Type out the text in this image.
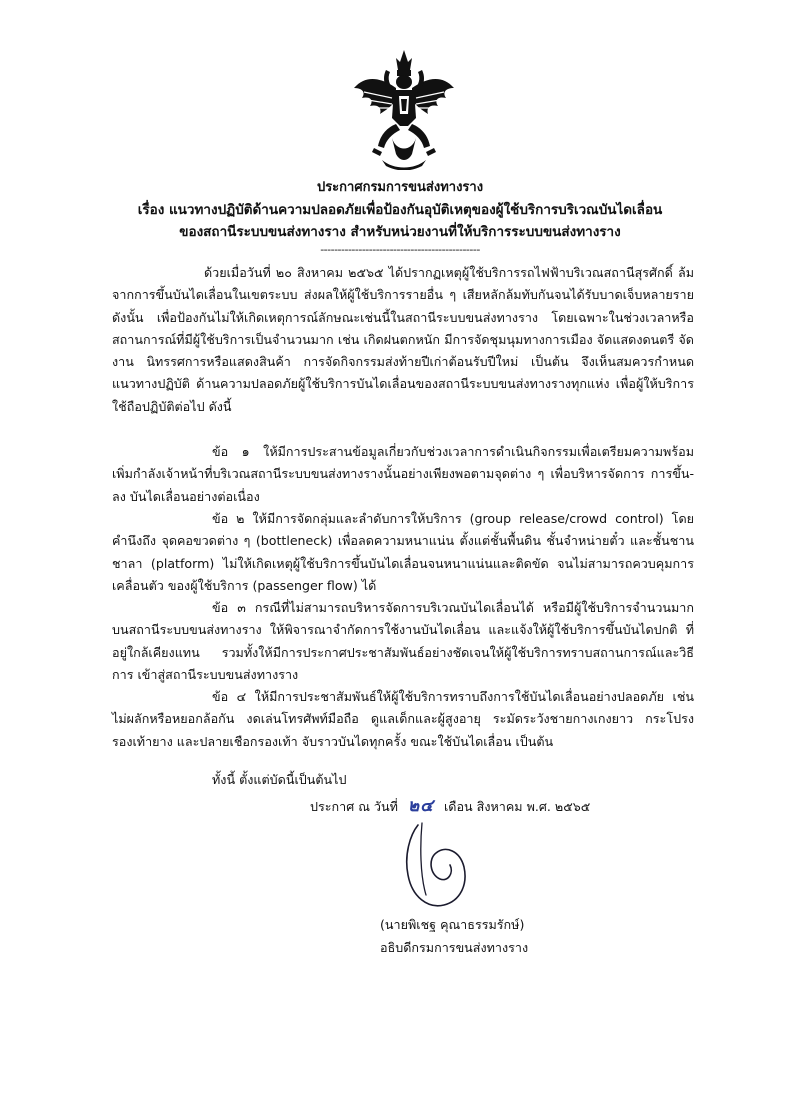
ประกาศกรมการขนส่งทางราง
เรื่อง แนวทางปฏิบัติด้านความปลอดภัยเพื่อป้องกันอุบัติเหตุของผู้ใช้บริการบริเวณบันไดเลื่อน
ของสถานีระบบขนส่งทางราง สำหรับหน่วยงานที่ให้บริการระบบขนส่งทางราง
----------------------------------------------

ด้วยเมื่อวันที่ ๒๐ สิงหาคม ๒๕๖๕ ได้ปรากฏเหตุผู้ใช้บริการรถไฟฟ้าบริเวณสถานีสุรศักดิ์ ล้มจากการขึ้นบันไดเลื่อนในเขตระบบ ส่งผลให้ผู้ใช้บริการรายอื่น ๆ เสียหลักล้มทับกันจนได้รับบาดเจ็บหลายราย ดังนั้น เพื่อป้องกันไม่ให้เกิดเหตุการณ์ลักษณะเช่นนี้ในสถานีระบบขนส่งทางราง โดยเฉพาะในช่วงเวลาหรือ สถานการณ์ที่มีผู้ใช้บริการเป็นจำนวนมาก เช่น เกิดฝนตกหนัก มีการจัดชุมนุมทางการเมือง จัดแสดงดนตรี จัดงาน นิทรรศการหรือแสดงสินค้า การจัดกิจกรรมส่งท้ายปีเก่าต้อนรับปีใหม่ เป็นต้น จึงเห็นสมควรกำหนดแนวทางปฏิบัติ ด้านความปลอดภัยผู้ใช้บริการบันไดเลื่อนของสถานีระบบขนส่งทางรางทุกแห่ง เพื่อผู้ให้บริการใช้ถือปฏิบัติต่อไป ดังนี้

ข้อ ๑ ให้มีการประสานข้อมูลเกี่ยวกับช่วงเวลาการดำเนินกิจกรรมเพื่อเตรียมความพร้อม เพิ่มกำลังเจ้าหน้าที่บริเวณสถานีระบบขนส่งทางรางนั้นอย่างเพียงพอตามจุดต่าง ๆ เพื่อบริหารจัดการ การขึ้น-ลง บันไดเลื่อนอย่างต่อเนื่อง

ข้อ ๒ ให้มีการจัดกลุ่มและลำดับการให้บริการ (group release/crowd control) โดยคำนึงถึง จุดคอขวดต่าง ๆ (bottleneck) เพื่อลดความหนาแน่น ตั้งแต่ชั้นพื้นดิน ชั้นจำหน่ายตั๋ว และชั้นชานชาลา (platform) ไม่ให้เกิดเหตุผู้ใช้บริการขึ้นบันไดเลื่อนจนหนาแน่นและติดขัด จนไม่สามารถควบคุมการเคลื่อนตัว ของผู้ใช้บริการ (passenger flow) ได้

ข้อ ๓ กรณีที่ไม่สามารถบริหารจัดการบริเวณบันไดเลื่อนได้ หรือมีผู้ใช้บริการจำนวนมาก บนสถานีระบบขนส่งทางราง ให้พิจารณาจำกัดการใช้งานบันไดเลื่อน และแจ้งให้ผู้ใช้บริการขึ้นบันไดปกติ ที่อยู่ใกล้เคียงแทน รวมทั้งให้มีการประกาศประชาสัมพันธ์อย่างชัดเจนให้ผู้ใช้บริการทราบสถานการณ์และวิธีการ เข้าสู่สถานีระบบขนส่งทางราง

ข้อ ๔ ให้มีการประชาสัมพันธ์ให้ผู้ใช้บริการทราบถึงการใช้บันไดเลื่อนอย่างปลอดภัย เช่น ไม่ผลักหรือหยอกล้อกัน งดเล่นโทรศัพท์มือถือ ดูแลเด็กและผู้สูงอายุ ระมัดระวังชายกางเกงยาว กระโปรง รองเท้ายาง และปลายเชือกรองเท้า จับราวบันไดทุกครั้ง ขณะใช้บันไดเลื่อน เป็นต้น

ทั้งนี้ ตั้งแต่บัดนี้เป็นต้นไป
ประกาศ ณ วันที่ ๒๔ เดือน สิงหาคม พ.ศ. ๒๕๖๕
(นายพิเชฐ คุณาธรรมรักษ์)
อธิบดีกรมการขนส่งทางราง
